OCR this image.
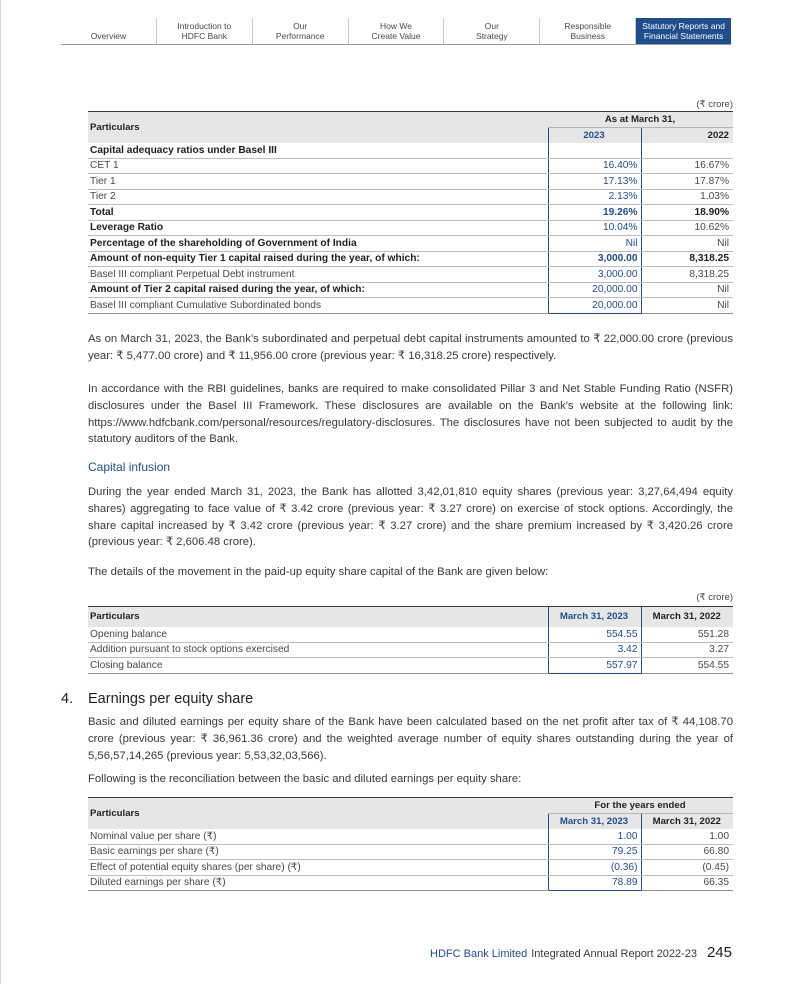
Overview
Introduction to
HDFC Bank
Our
Performance
How We
Create Value
Our
Strategy
Responsible
Business
Statutory Reports and
Financial Statements
(₹ crore)
Particulars	As at March 31,	
	2023	2022
Capital adequacy ratios under Basel III		
CET 1	16.40%	16.67%
Tier 1	17.13%	17.87%
Tier 2	2.13%	1.03%
Total	19.26%	18.90%
Leverage Ratio	10.04%	10.62%
Percentage of the shareholding of Government of India	Nil	Nil
Amount of non-equity Tier 1 capital raised during the year, of which:	3,000.00	8,318.25
Basel III compliant Perpetual Debt instrument	3,000.00	8,318.25
Amount of Tier 2 capital raised during the year, of which:	20,000.00	Nil
Basel III compliant Cumulative Subordinated bonds	20,000.00	Nil

As on March 31, 2023, the Bank’s subordinated and perpetual debt capital instruments amounted to ₹ 22,000.00 crore (previous year: ₹ 5,477.00 crore) and ₹ 11,956.00 crore (previous year: ₹ 16,318.25 crore) respectively.

In accordance with the RBI guidelines, banks are required to make consolidated Pillar 3 and Net Stable Funding Ratio (NSFR) disclosures under the Basel III Framework. These disclosures are available on the Bank's website at the following link: https://www.hdfcbank.com/personal/resources/regulatory-disclosures. The disclosures have not been subjected to audit by the statutory auditors of the Bank.

Capital infusion

During the year ended March 31, 2023, the Bank has allotted 3,42,01,810 equity shares (previous year: 3,27,64,494 equity shares) aggregating to face value of ₹ 3.42 crore (previous year: ₹ 3.27 crore) on exercise of stock options. Accordingly, the share capital increased by ₹ 3.42 crore (previous year: ₹ 3.27 crore) and the share premium increased by ₹ 3,420.26 crore (previous year: ₹ 2,606.48 crore).

The details of the movement in the paid-up equity share capital of the Bank are given below:

(₹ crore)
Particulars	March 31, 2023	March 31, 2022
Opening balance	554.55	551.28
Addition pursuant to stock options exercised	3.42	3.27
Closing balance	557.97	554.55
4. Earnings per equity share

Basic and diluted earnings per equity share of the Bank have been calculated based on the net profit after tax of ₹ 44,108.70 crore (previous year: ₹ 36,961.36 crore) and the weighted average number of equity shares outstanding during the year of 5,56,57,14,265 (previous year: 5,53,32,03,566).

Following is the reconciliation between the basic and diluted earnings per equity share:

Particulars	For the years ended	
	March 31, 2023	March 31, 2022
Nominal value per share (₹)	1.00	1.00
Basic earnings per share (₹)	79.25	66.80
Effect of potential equity shares (per share) (₹)	(0.36)	(0.45)
Diluted earnings per share (₹)	78.89	66.35
HDFC Bank Limited Integrated Annual Report 2022-23 245
